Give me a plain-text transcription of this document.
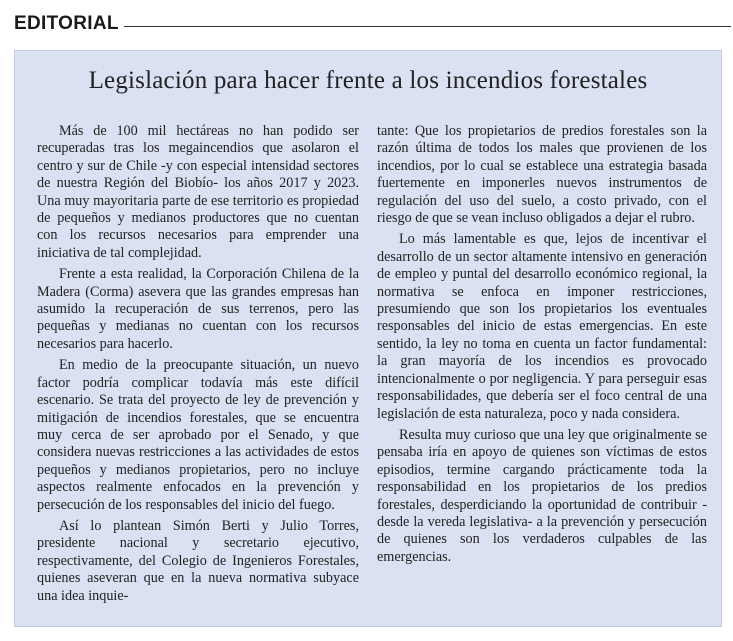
EDITORIAL
Legislación para hacer frente a los incendios forestales

Más de 100 mil hectáreas no han podido ser recuperadas tras los megaincendios que asolaron el centro y sur de Chile -y con especial intensidad sectores de nuestra Región del Biobío- los años 2017 y 2023. Una muy mayoritaria parte de ese territorio es propiedad de pequeños y medianos productores que no cuentan con los recursos necesarios para emprender una iniciativa de tal complejidad.

Frente a esta realidad, la Corporación Chilena de la Madera (Corma) asevera que las grandes empresas han asumido la recuperación de sus terrenos, pero las pequeñas y medianas no cuentan con los recursos necesarios para hacerlo.

En medio de la preocupante situación, un nuevo factor podría complicar todavía más este difícil escenario. Se trata del proyecto de ley de prevención y mitigación de incendios forestales, que se encuentra muy cerca de ser aprobado por el Senado, y que considera nuevas restricciones a las actividades de estos pequeños y medianos propietarios, pero no incluye aspectos realmente enfocados en la prevención y persecución de los responsables del inicio del fuego.

Así lo plantean Simón Berti y Julio Torres, presidente nacional y secretario ejecutivo, respectivamente, del Colegio de Ingenieros Forestales, quienes aseveran que en la nueva normativa subyace una idea inquie-

tante: Que los propietarios de predios forestales son la razón última de todos los males que provienen de los incendios, por lo cual se establece una estrategia basada fuertemente en imponerles nuevos instrumentos de regulación del uso del suelo, a costo privado, con el riesgo de que se vean incluso obligados a dejar el rubro.

Lo más lamentable es que, lejos de incentivar el desarrollo de un sector altamente intensivo en generación de empleo y puntal del desarrollo económico regional, la normativa se enfoca en imponer restricciones, presumiendo que son los propietarios los eventuales responsables del inicio de estas emergencias. En este sentido, la ley no toma en cuenta un factor fundamental: la gran mayoría de los incendios es provocado intencionalmente o por negligencia. Y para perseguir esas responsabilidades, que debería ser el foco central de una legislación de esta naturaleza, poco y nada considera.

Resulta muy curioso que una ley que originalmente se pensaba iría en apoyo de quienes son víctimas de estos episodios, termine cargando prácticamente toda la responsabilidad en los propietarios de los predios forestales, desperdiciando la oportunidad de contribuir -desde la vereda legislativa- a la prevención y persecución de quienes son los verdaderos culpables de las emergencias.
